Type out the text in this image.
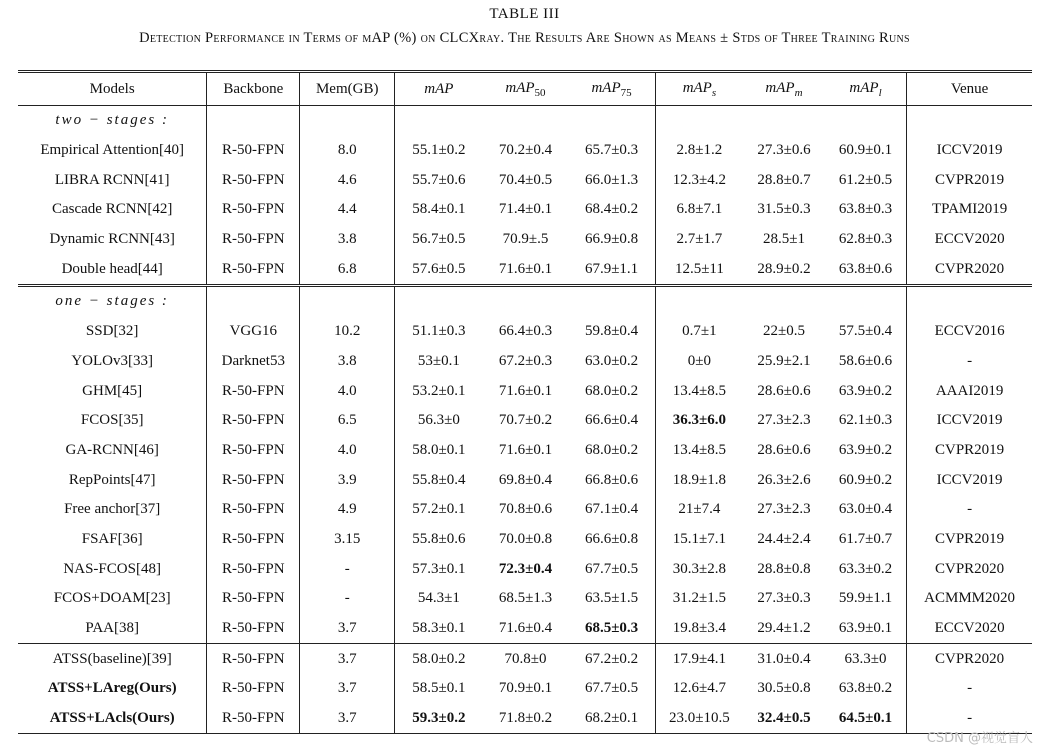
TABLE III
Detection Performance in Terms of mAP (%) on CLCXray. The Results Are Shown as Means ± Stds of Three Training Runs
Models	Backbone	Mem(GB)	mAP	mAP$_{50}$	mAP$_{75}$	mAP$_s$	mAP$_m$	mAP$_l$	Venue
two − stages :									
Empirical Attention[40]	R-50-FPN	8.0	55.1±0.2	70.2±0.4	65.7±0.3	2.8±1.2	27.3±0.6	60.9±0.1	ICCV2019
LIBRA RCNN[41]	R-50-FPN	4.6	55.7±0.6	70.4±0.5	66.0±1.3	12.3±4.2	28.8±0.7	61.2±0.5	CVPR2019
Cascade RCNN[42]	R-50-FPN	4.4	58.4±0.1	71.4±0.1	68.4±0.2	6.8±7.1	31.5±0.3	63.8±0.3	TPAMI2019
Dynamic RCNN[43]	R-50-FPN	3.8	56.7±0.5	70.9±.5	66.9±0.8	2.7±1.7	28.5±1	62.8±0.3	ECCV2020
Double head[44]	R-50-FPN	6.8	57.6±0.5	71.6±0.1	67.9±1.1	12.5±11	28.9±0.2	63.8±0.6	CVPR2020
one − stages :									
SSD[32]	VGG16	10.2	51.1±0.3	66.4±0.3	59.8±0.4	0.7±1	22±0.5	57.5±0.4	ECCV2016
YOLOv3[33]	Darknet53	3.8	53±0.1	67.2±0.3	63.0±0.2	0±0	25.9±2.1	58.6±0.6	-
GHM[45]	R-50-FPN	4.0	53.2±0.1	71.6±0.1	68.0±0.2	13.4±8.5	28.6±0.6	63.9±0.2	AAAI2019
FCOS[35]	R-50-FPN	6.5	56.3±0	70.7±0.2	66.6±0.4	36.3±6.0	27.3±2.3	62.1±0.3	ICCV2019
GA-RCNN[46]	R-50-FPN	4.0	58.0±0.1	71.6±0.1	68.0±0.2	13.4±8.5	28.6±0.6	63.9±0.2	CVPR2019
RepPoints[47]	R-50-FPN	3.9	55.8±0.4	69.8±0.4	66.8±0.6	18.9±1.8	26.3±2.6	60.9±0.2	ICCV2019
Free anchor[37]	R-50-FPN	4.9	57.2±0.1	70.8±0.6	67.1±0.4	21±7.4	27.3±2.3	63.0±0.4	-
FSAF[36]	R-50-FPN	3.15	55.8±0.6	70.0±0.8	66.6±0.8	15.1±7.1	24.4±2.4	61.7±0.7	CVPR2019
NAS-FCOS[48]	R-50-FPN	-	57.3±0.1	72.3±0.4	67.7±0.5	30.3±2.8	28.8±0.8	63.3±0.2	CVPR2020
FCOS+DOAM[23]	R-50-FPN	-	54.3±1	68.5±1.3	63.5±1.5	31.2±1.5	27.3±0.3	59.9±1.1	ACMMM2020
PAA[38]	R-50-FPN	3.7	58.3±0.1	71.6±0.4	68.5±0.3	19.8±3.4	29.4±1.2	63.9±0.1	ECCV2020
ATSS(baseline)[39]	R-50-FPN	3.7	58.0±0.2	70.8±0	67.2±0.2	17.9±4.1	31.0±0.4	63.3±0	CVPR2020
ATSS+LAreg(Ours)	R-50-FPN	3.7	58.5±0.1	70.9±0.1	67.7±0.5	12.6±4.7	30.5±0.8	63.8±0.2	-
ATSS+LAcls(Ours)	R-50-FPN	3.7	59.3±0.2	71.8±0.2	68.2±0.1	23.0±10.5	32.4±0.5	64.5±0.1	-
CSDN @视觉盲人
